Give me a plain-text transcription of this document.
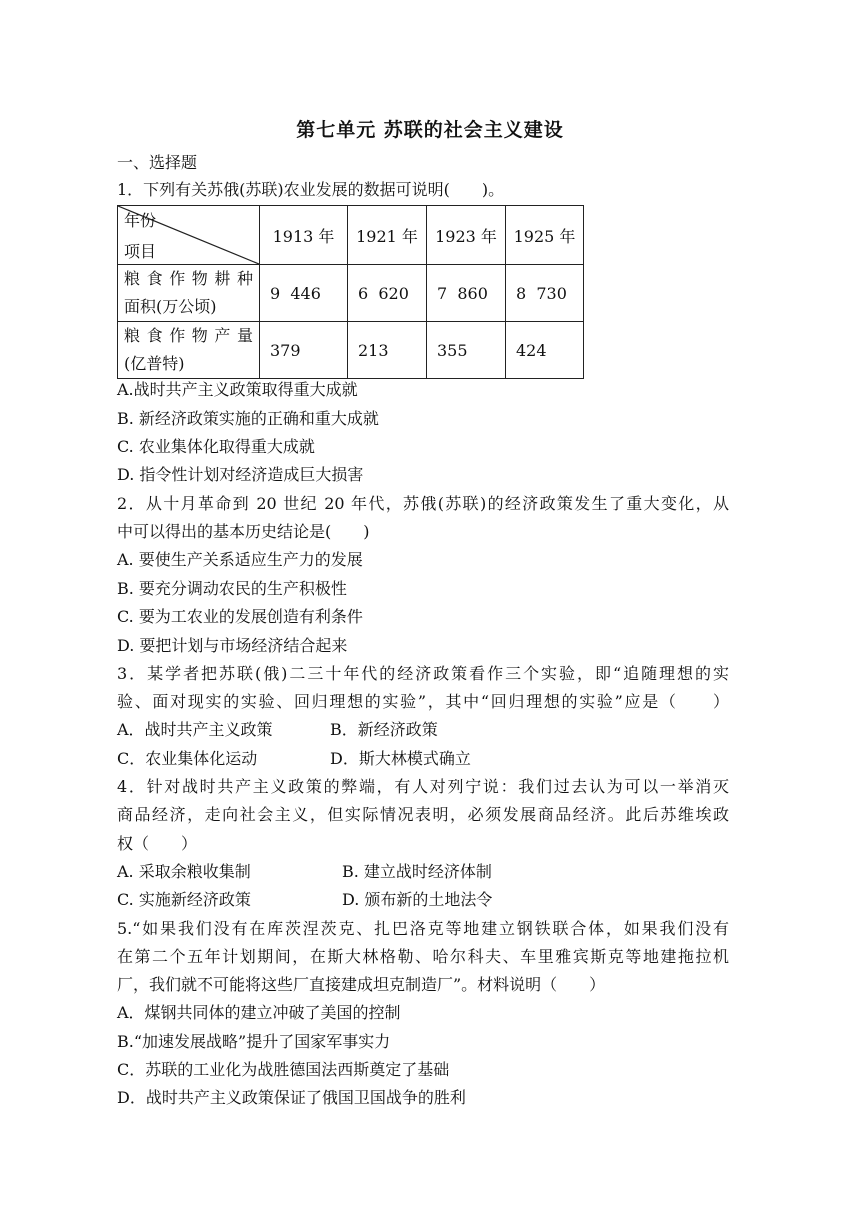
第七单元 苏联的社会主义建设
一、选择题
1．下列有关苏俄(苏联)农业发展的数据可说明(　　)。
年份
项目	1913 年	1921 年	1923 年	1925 年

粮食作物耕种
面积(万公顷)	9  446	6  620	7  860	8  730

粮食作物产量
(亿普特)	379	213	355	424
A.战时共产主义政策取得重大成就
B. 新经济政策实施的正确和重大成就
C. 农业集体化取得重大成就
D. 指令性计划对经济造成巨大损害
2．从十月革命到 20 世纪 20 年代，苏俄(苏联)的经济政策发生了重大变化，从
中可以得出的基本历史结论是(　　)
A. 要使生产关系适应生产力的发展
B. 要充分调动农民的生产积极性
C. 要为工农业的发展创造有利条件
D. 要把计划与市场经济结合起来
3．某学者把苏联(俄)二三十年代的经济政策看作三个实验，即“追随理想的实
验、面对现实的实验、回归理想的实验”，其中“回归理想的实验”应是（　　）
A．战时共产主义政策	B．新经济政策
C．农业集体化运动	D．斯大林模式确立
4．针对战时共产主义政策的弊端，有人对列宁说：我们过去认为可以一举消灭
商品经济，走向社会主义，但实际情况表明，必须发展商品经济。此后苏维埃政
权（　　）
A. 采取余粮收集制	B. 建立战时经济体制
C. 实施新经济政策	D. 颁布新的土地法令
5.“如果我们没有在库茨涅茨克、扎巴洛克等地建立钢铁联合体，如果我们没有
在第二个五年计划期间，在斯大林格勒、哈尔科夫、车里雅宾斯克等地建拖拉机
厂，我们就不可能将这些厂直接建成坦克制造厂”。材料说明（　　）
A．煤钢共同体的建立冲破了美国的控制
B.“加速发展战略”提升了国家军事实力
C．苏联的工业化为战胜德国法西斯奠定了基础
D．战时共产主义政策保证了俄国卫国战争的胜利
